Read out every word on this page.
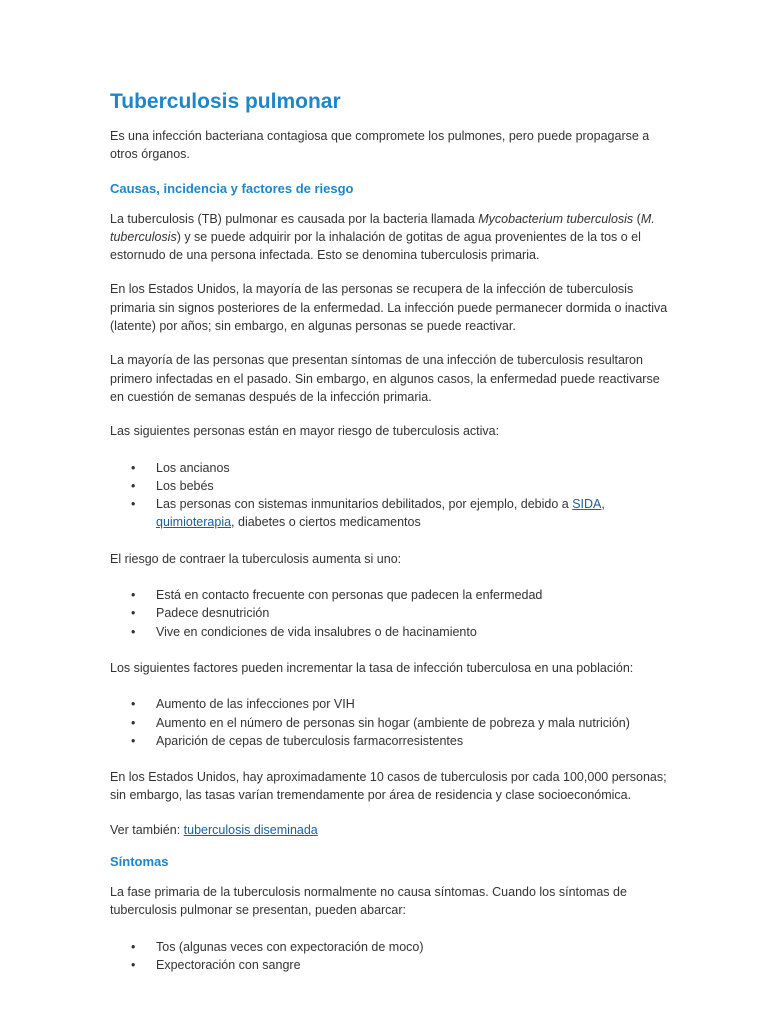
Tuberculosis pulmonar

Es una infección bacteriana contagiosa que compromete los pulmones, pero puede propagarse a otros órganos.

Causas, incidencia y factores de riesgo

La tuberculosis (TB) pulmonar es causada por la bacteria llamada Mycobacterium tuberculosis (M. tuberculosis) y se puede adquirir por la inhalación de gotitas de agua provenientes de la tos o el estornudo de una persona infectada. Esto se denomina tuberculosis primaria.

En los Estados Unidos, la mayoría de las personas se recupera de la infección de tuberculosis primaria sin signos posteriores de la enfermedad. La infección puede permanecer dormida o inactiva (latente) por años; sin embargo, en algunas personas se puede reactivar.

La mayoría de las personas que presentan síntomas de una infección de tuberculosis resultaron primero infectadas en el pasado. Sin embargo, en algunos casos, la enfermedad puede reactivarse en cuestión de semanas después de la infección primaria.

Las siguientes personas están en mayor riesgo de tuberculosis activa:

• Los ancianos
• Los bebés
• Las personas con sistemas inmunitarios debilitados, por ejemplo, debido a SIDA, quimioterapia, diabetes o ciertos medicamentos

El riesgo de contraer la tuberculosis aumenta si uno:

• Está en contacto frecuente con personas que padecen la enfermedad
• Padece desnutrición
• Vive en condiciones de vida insalubres o de hacinamiento

Los siguientes factores pueden incrementar la tasa de infección tuberculosa en una población:

• Aumento de las infecciones por VIH
• Aumento en el número de personas sin hogar (ambiente de pobreza y mala nutrición)
• Aparición de cepas de tuberculosis farmacorresistentes

En los Estados Unidos, hay aproximadamente 10 casos de tuberculosis por cada 100,000 personas; sin embargo, las tasas varían tremendamente por área de residencia y clase socioeconómica.

Ver también: tuberculosis diseminada

Síntomas

La fase primaria de la tuberculosis normalmente no causa síntomas. Cuando los síntomas de tuberculosis pulmonar se presentan, pueden abarcar:

• Tos (algunas veces con expectoración de moco)
• Expectoración con sangre
